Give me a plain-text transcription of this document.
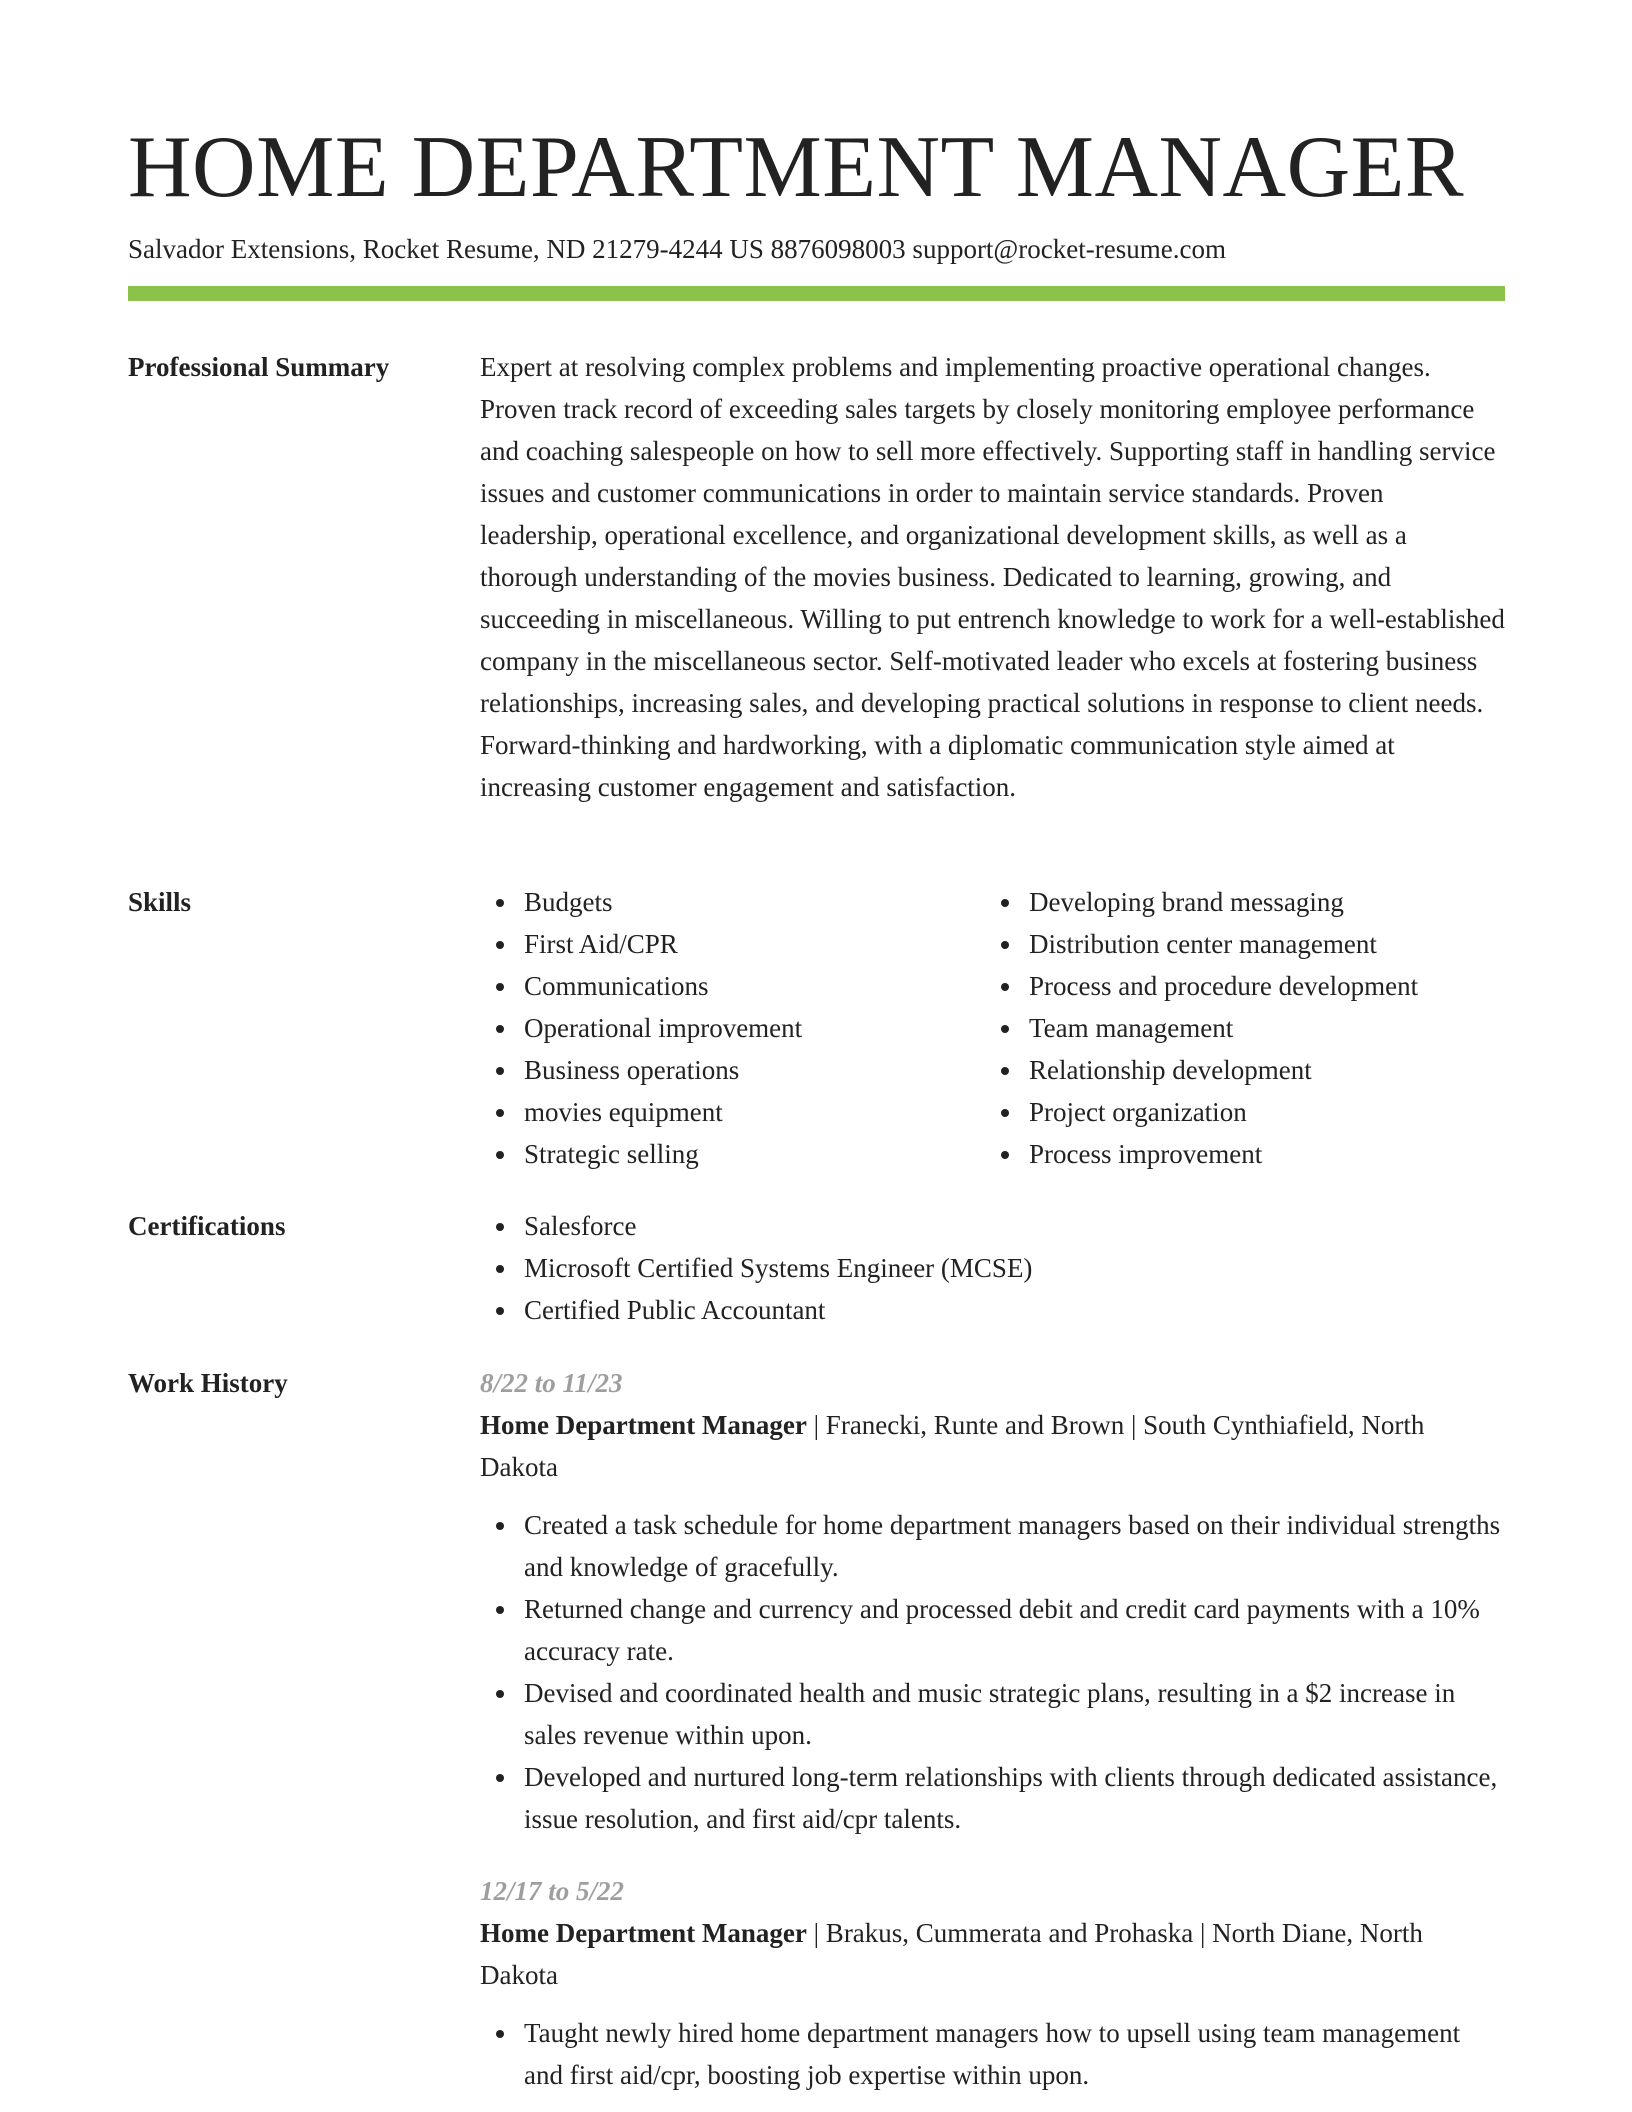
HOME DEPARTMENT MANAGER
Salvador Extensions, Rocket Resume, ND 21279-4244 US 8876098003 support@rocket-resume.com
Professional Summary	Expert at resolving complex problems and implementing proactive operational changes. Proven track record of exceeding sales targets by closely monitoring employee performance and coaching salespeople on how to sell more effectively. Supporting staff in handling service issues and customer communications in order to maintain service standards. Proven leadership, operational excellence, and organizational development skills, as well as a thorough understanding of the movies business. Dedicated to learning, growing, and succeeding in miscellaneous. Willing to put entrench knowledge to work for a well-established company in the miscellaneous sector. Self-motivated leader who excels at fostering business relationships, increasing sales, and developing practical solutions in response to client needs. Forward-thinking and hardworking, with a diplomatic communication style aimed at increasing customer engagement and satisfaction.

Skills	Budgets
First Aid/CPR
Communications
Operational improvement
Business operations
movies equipment
Strategic selling
Developing brand messaging
Distribution center management
Process and procedure development
Team management
Relationship development
Project organization
Process improvement
Certifications	Salesforce
Microsoft Certified Systems Engineer (MCSE)
Certified Public Accountant
Work History	8/22 to 11/23
Home Department Manager | Franecki, Runte and Brown | South Cynthiafield, North Dakota
Created a task schedule for home department managers based on their individual strengths and knowledge of gracefully.
Returned change and currency and processed debit and credit card payments with a 10% accuracy rate.
Devised and coordinated health and music strategic plans, resulting in a $2 increase in sales revenue within upon.
Developed and nurtured long-term relationships with clients through dedicated assistance, issue resolution, and first aid/cpr talents.
12/17 to 5/22
Home Department Manager | Brakus, Cummerata and Prohaska | North Diane, North Dakota
Taught newly hired home department managers how to upsell using team management and first aid/cpr, boosting job expertise within upon.
